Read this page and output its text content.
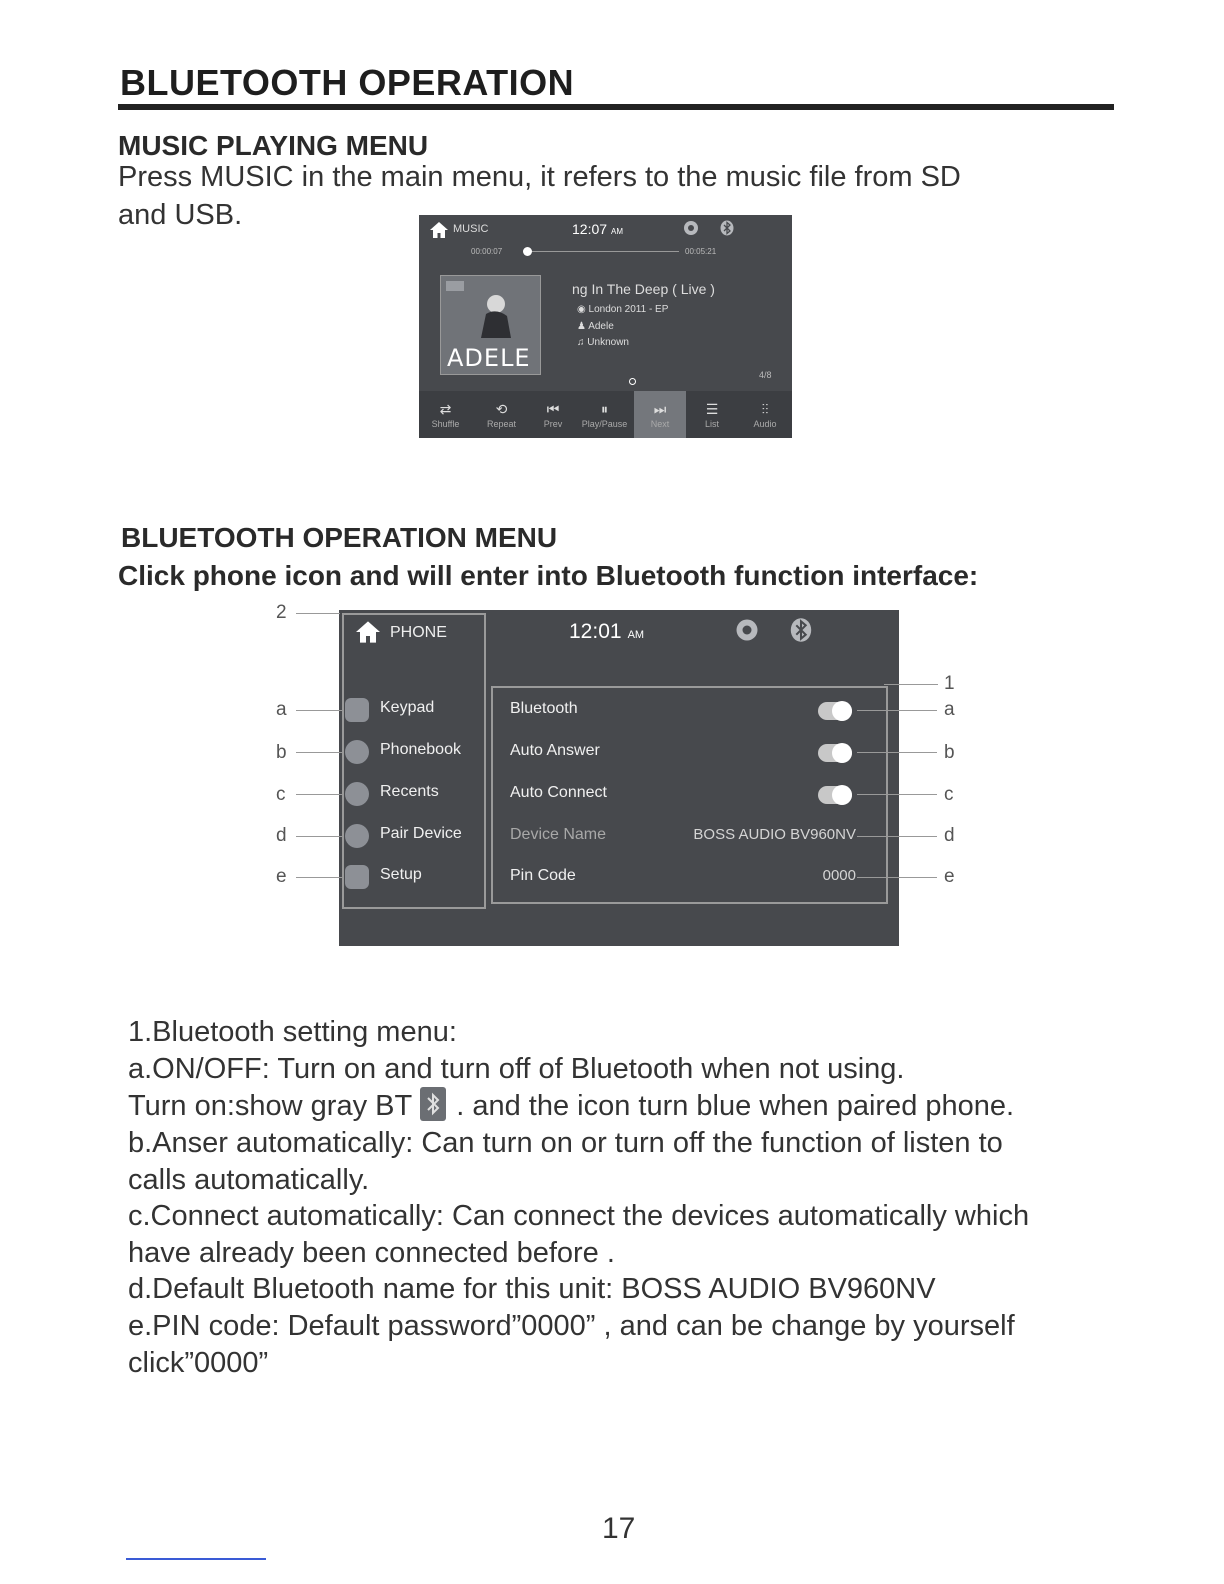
BLUETOOTH OPERATION
MUSIC PLAYING MENU
Press MUSIC in the main menu, it refers to the music file from SD
and USB.	MUSIC	12:07 AM
00:00:07	00:05:21
ADELE
ng In The Deep ( Live )
◉ London 2011 - EP
♟ Adele
♫ Unknown
4/8
⇄
Shuffle
⟲
Repeat
⏮
Prev
⏸
Play/Pause
⏭
Next
☰
List
⫶⫶
Audio
BLUETOOTH OPERATION MENU
Click phone icon and will enter into Bluetooth function interface:
PHONE	12:01 AM
Keypad
Phonebook
Recents
Pair Device
Setup
Bluetooth
Auto Answer
Auto Connect
Device Name	BOSS AUDIO BV960NV
Pin Code	0000
2
a
b
c
d
e
1
a
b
c
d
e
1.Bluetooth setting menu:
a.ON/OFF: Turn on and turn off of Bluetooth when not using.
Turn on:show gray BT . and the icon turn blue when paired phone.
b.Anser automatically: Can turn on or turn off the function of listen to
calls automatically.
c.Connect automatically: Can connect the devices automatically which
have already been connected before .
d.Default Bluetooth name for this unit: BOSS AUDIO BV960NV
e.PIN code: Default password”0000” , and can be change by yourself
click”0000”
17
